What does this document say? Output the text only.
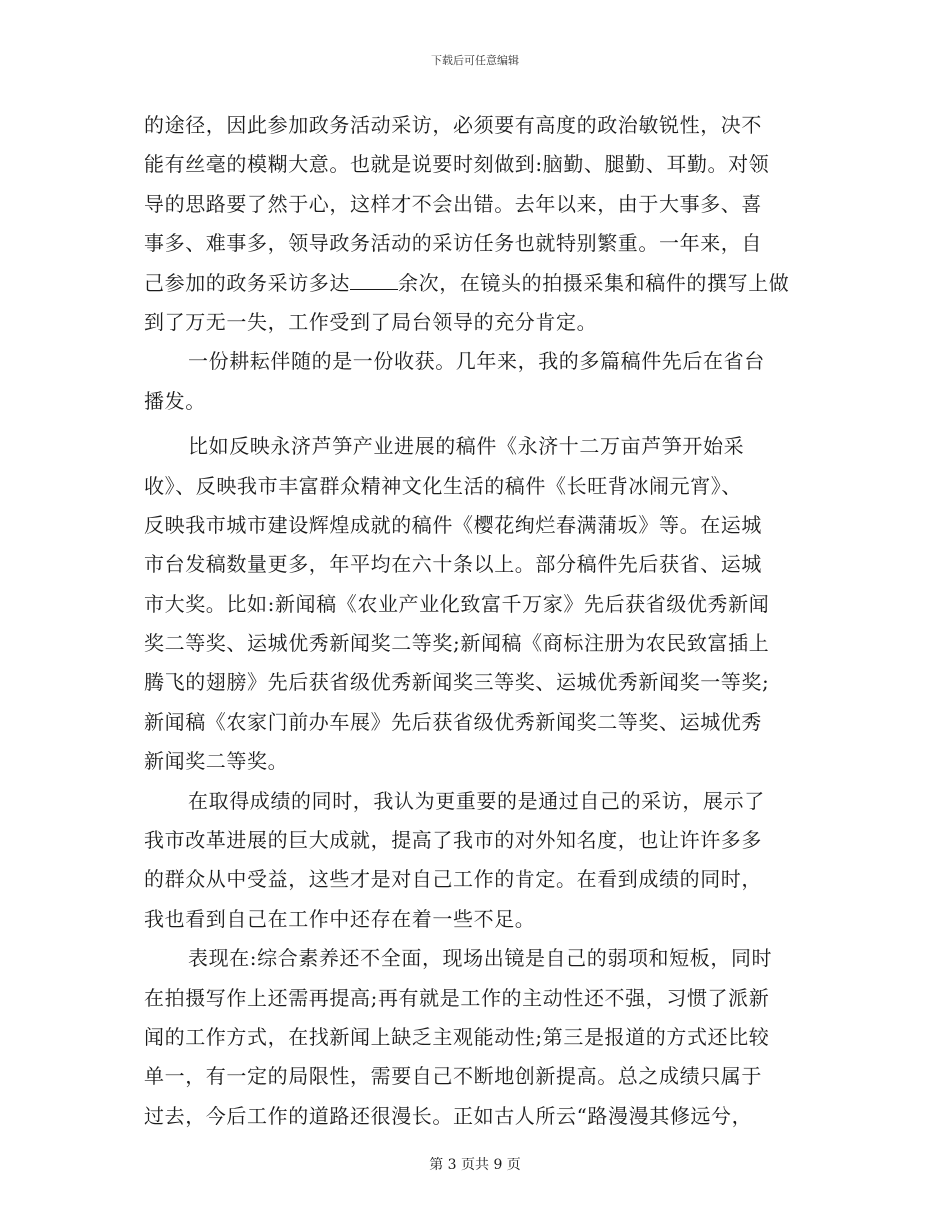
下载后可任意编辑
的途径，因此参加政务活动采访，必须要有高度的政治敏锐性，决不
能有丝毫的模糊大意。也就是说要时刻做到:脑勤、腿勤、耳勤。对领
导的思路要了然于心，这样才不会出错。去年以来，由于大事多、喜
事多、难事多，领导政务活动的采访任务也就特别繁重。一年来，自
己参加的政务采访多达 余次，在镜头的拍摄采集和稿件的撰写上做
到了万无一失，工作受到了局台领导的充分肯定。
一份耕耘伴随的是一份收获。几年来，我的多篇稿件先后在省台
播发。
比如反映永济芦笋产业进展的稿件《永济十二万亩芦笋开始采
收》、反映我市丰富群众精神文化生活的稿件《长旺背冰闹元宵》、
反映我市城市建设辉煌成就的稿件《樱花绚烂春满蒲坂》等。在运城
市台发稿数量更多，年平均在六十条以上。部分稿件先后获省、运城
市大奖。比如:新闻稿《农业产业化致富千万家》先后获省级优秀新闻
奖二等奖、运城优秀新闻奖二等奖;新闻稿《商标注册为农民致富插上
腾飞的翅膀》先后获省级优秀新闻奖三等奖、运城优秀新闻奖一等奖;
新闻稿《农家门前办车展》先后获省级优秀新闻奖二等奖、运城优秀
新闻奖二等奖。
在取得成绩的同时，我认为更重要的是通过自己的采访，展示了
我市改革进展的巨大成就，提高了我市的对外知名度，也让许许多多
的群众从中受益，这些才是对自己工作的肯定。在看到成绩的同时，
我也看到自己在工作中还存在着一些不足。
表现在:综合素养还不全面，现场出镜是自己的弱项和短板，同时
在拍摄写作上还需再提高;再有就是工作的主动性还不强，习惯了派新
闻的工作方式，在找新闻上缺乏主观能动性;第三是报道的方式还比较
单一，有一定的局限性，需要自己不断地创新提高。总之成绩只属于
过去，今后工作的道路还很漫长。正如古人所云“路漫漫其修远兮，
第 3 页共 9 页
